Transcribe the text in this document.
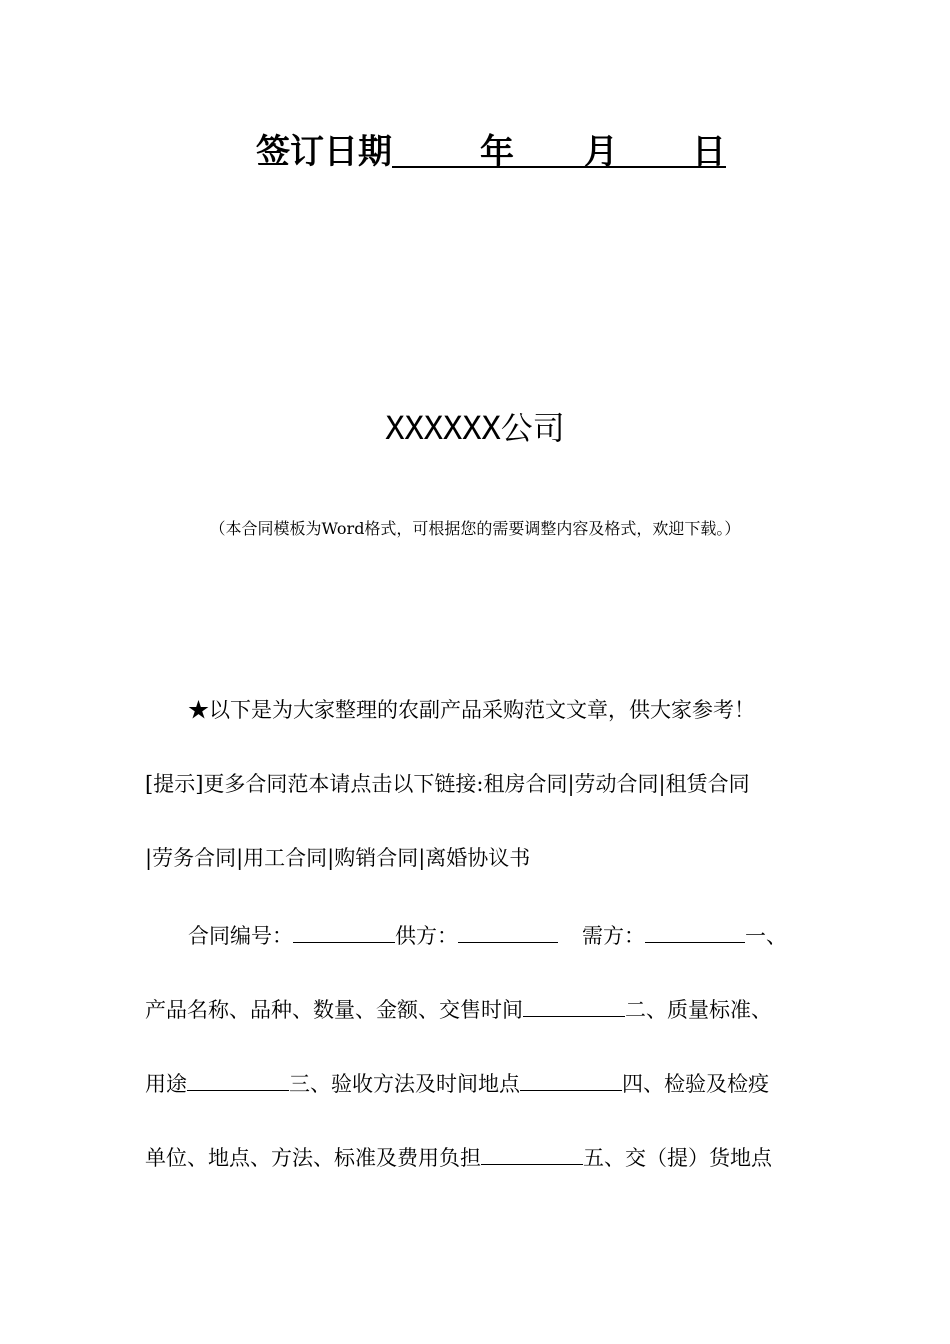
签订日期	年 月 日
XXXXXX公司
（本合同模板为Word格式，可根据您的需要调整内容及格式，欢迎下载。）
★以下是为大家整理的农副产品采购范文文章，供大家参考！
[提示]更多合同范本请点击以下链接:租房合同|劳动合同|租赁合同
|劳务合同|用工合同|购销合同|离婚协议书
合同编号：	供方：	需方：	一、
产品名称、品种、数量、金额、交售时间	二、质量标准、
用途	三、验收方法及时间地点	四、检验及检疫
单位、地点、方法、标准及费用负担	五、交（提）货地点
